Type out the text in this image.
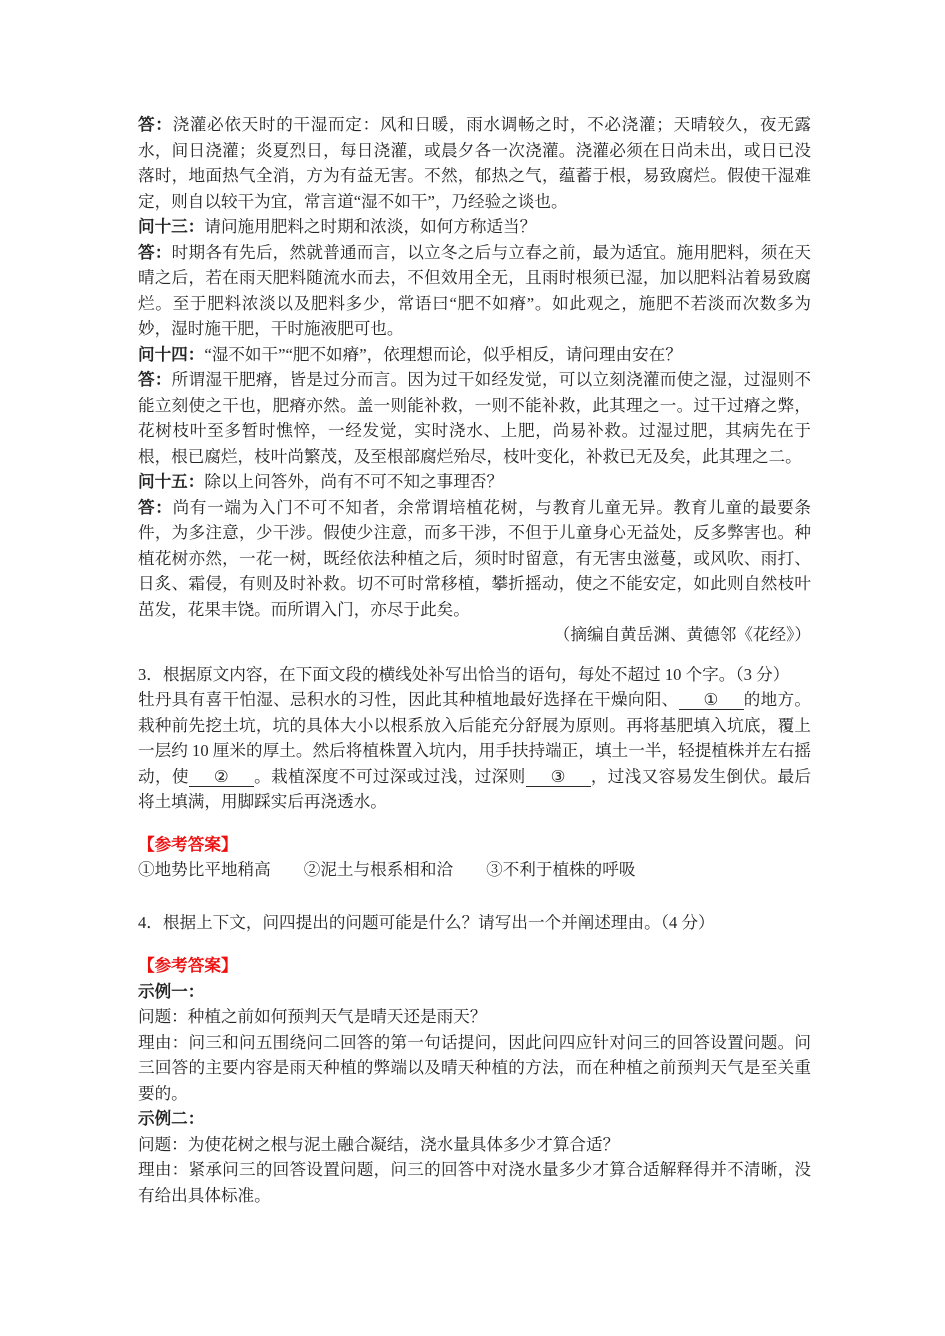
答：浇灌必依天时的干湿而定：风和日暖，雨水调畅之时，不必浇灌；天晴较久，夜无露水，间日浇灌；炎夏烈日，每日浇灌，或晨夕各一次浇灌。浇灌必须在日尚未出，或日已没落时，地面热气全消，方为有益无害。不然，郁热之气，蕴蓄于根，易致腐烂。假使干湿难定，则自以较干为宜，常言道“湿不如干”，乃经验之谈也。

问十三：请问施用肥料之时期和浓淡，如何方称适当？

答：时期各有先后，然就普通而言，以立冬之后与立春之前，最为适宜。施用肥料，须在天晴之后，若在雨天肥料随流水而去，不但效用全无，且雨时根须已湿，加以肥料沾着易致腐烂。至于肥料浓淡以及肥料多少，常语曰“肥不如瘠”。如此观之，施肥不若淡而次数多为妙，湿时施干肥，干时施液肥可也。

问十四：“湿不如干”“肥不如瘠”，依理想而论，似乎相反，请问理由安在？

答：所谓湿干肥瘠，皆是过分而言。因为过干如经发觉，可以立刻浇灌而使之湿，过湿则不能立刻使之干也，肥瘠亦然。盖一则能补救，一则不能补救，此其理之一。过干过瘠之弊，花树枝叶至多暂时憔悴，一经发觉，实时浇水、上肥，尚易补救。过湿过肥，其病先在于根，根已腐烂，枝叶尚繁茂，及至根部腐烂殆尽，枝叶变化，补救已无及矣，此其理之二。

问十五：除以上问答外，尚有不可不知之事理否？

答：尚有一端为入门不可不知者，余常谓培植花树，与教育儿童无异。教育儿童的最要条件，为多注意，少干涉。假使少注意，而多干涉，不但于儿童身心无益处，反多弊害也。种植花树亦然，一花一树，既经依法种植之后，须时时留意，有无害虫滋蔓，或风吹、雨打、日炙、霜侵，有则及时补救。切不可时常移植，攀折摇动，使之不能安定，如此则自然枝叶茁发，花果丰饶。而所谓入门，亦尽于此矣。

（摘编自黄岳渊、黄德邻《花经》）

3．根据原文内容，在下面文段的横线处补写出恰当的语句，每处不超过 10 个字。（3 分）

牡丹具有喜干怕湿、忌积水的习性，因此其种植地最好选择在干燥向阳、 ① 的地方。栽种前先挖土坑，坑的具体大小以根系放入后能充分舒展为原则。再将基肥填入坑底，覆上一层约 10 厘米的厚土。然后将植株置入坑内，用手扶持端正，填土一半，轻提植株并左右摇动，使 ② 。栽植深度不可过深或过浅，过深则 ③ ，过浅又容易发生倒伏。最后将土填满，用脚踩实后再浇透水。

【参考答案】

①地势比平地稍高 ②泥土与根系相和洽 ③不利于植株的呼吸

4．根据上下文，问四提出的问题可能是什么？请写出一个并阐述理由。（4 分）

【参考答案】

示例一：

问题：种植之前如何预判天气是晴天还是雨天？

理由：问三和问五围绕问二回答的第一句话提问，因此问四应针对问三的回答设置问题。问三回答的主要内容是雨天种植的弊端以及晴天种植的方法，而在种植之前预判天气是至关重要的。

示例二：

问题：为使花树之根与泥土融合凝结，浇水量具体多少才算合适？

理由：紧承问三的回答设置问题，问三的回答中对浇水量多少才算合适解释得并不清晰，没有给出具体标准。
